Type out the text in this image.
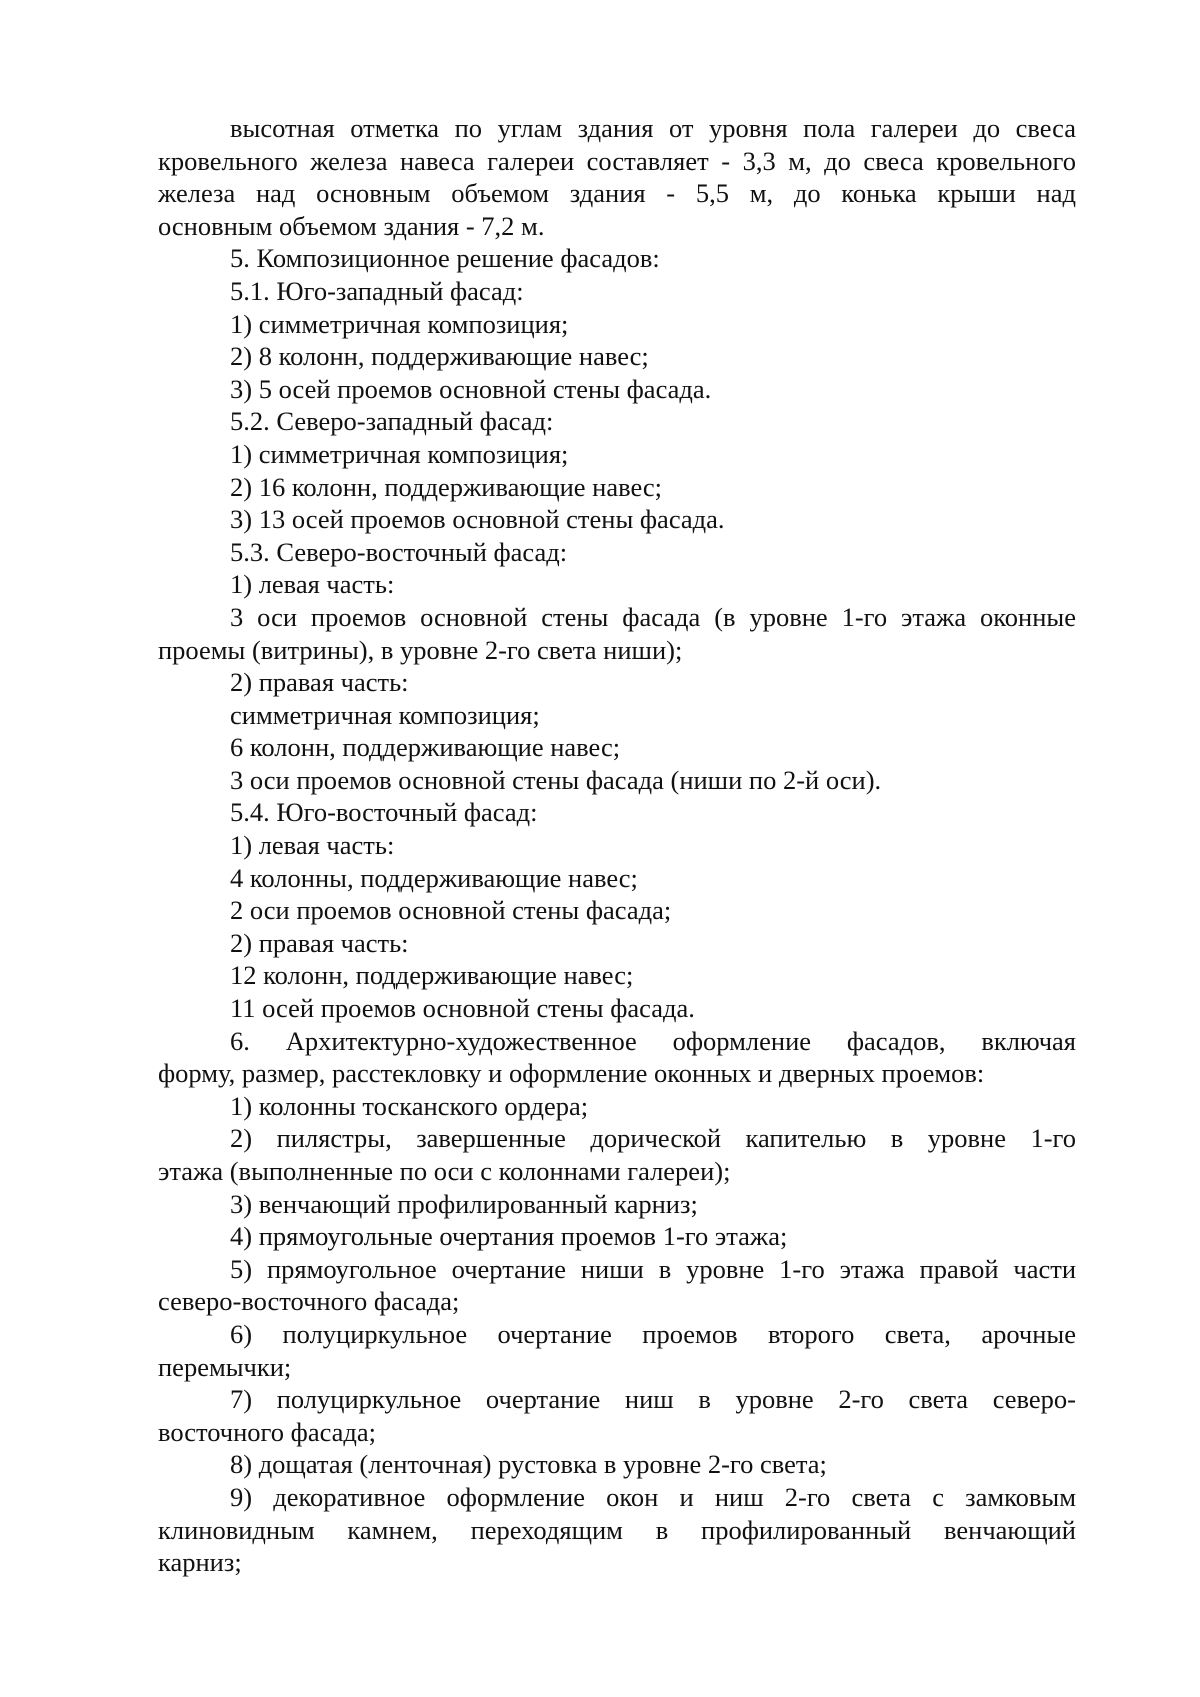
высотная отметка по углам здания от уровня пола галереи до свеса

кровельного железа навеса галереи составляет - 3,3 м, до свеса кровельного

железа над основным объемом здания - 5,5 м, до конька крыши над

основным объемом здания - 7,2 м.

5. Композиционное решение фасадов:

5.1. Юго-западный фасад:

1) симметричная композиция;

2) 8 колонн, поддерживающие навес;

3) 5 осей проемов основной стены фасада.

5.2. Северо-западный фасад:

1) симметричная композиция;

2) 16 колонн, поддерживающие навес;

3) 13 осей проемов основной стены фасада.

5.3. Северо-восточный фасад:

1) левая часть:

3 оси проемов основной стены фасада (в уровне 1-го этажа оконные

проемы (витрины), в уровне 2-го света ниши);

2) правая часть:

симметричная композиция;

6 колонн, поддерживающие навес;

3 оси проемов основной стены фасада (ниши по 2-й оси).

5.4. Юго-восточный фасад:

1) левая часть:

4 колонны, поддерживающие навес;

2 оси проемов основной стены фасада;

2) правая часть:

12 колонн, поддерживающие навес;

11 осей проемов основной стены фасада.

6. Архитектурно-художественное оформление фасадов, включая

форму, размер, расстекловку и оформление оконных и дверных проемов:

1) колонны тосканского ордера;

2) пилястры, завершенные дорической капителью в уровне 1-го

этажа (выполненные по оси с колоннами галереи);

3) венчающий профилированный карниз;

4) прямоугольные очертания проемов 1-го этажа;

5) прямоугольное очертание ниши в уровне 1-го этажа правой части

северо-восточного фасада;

6) полуциркульное очертание проемов второго света, арочные

перемычки;

7) полуциркульное очертание ниш в уровне 2-го света северо-

восточного фасада;

8) дощатая (ленточная) рустовка в уровне 2-го света;

9) декоративное оформление окон и ниш 2-го света с замковым

клиновидным камнем, переходящим в профилированный венчающий

карниз;
